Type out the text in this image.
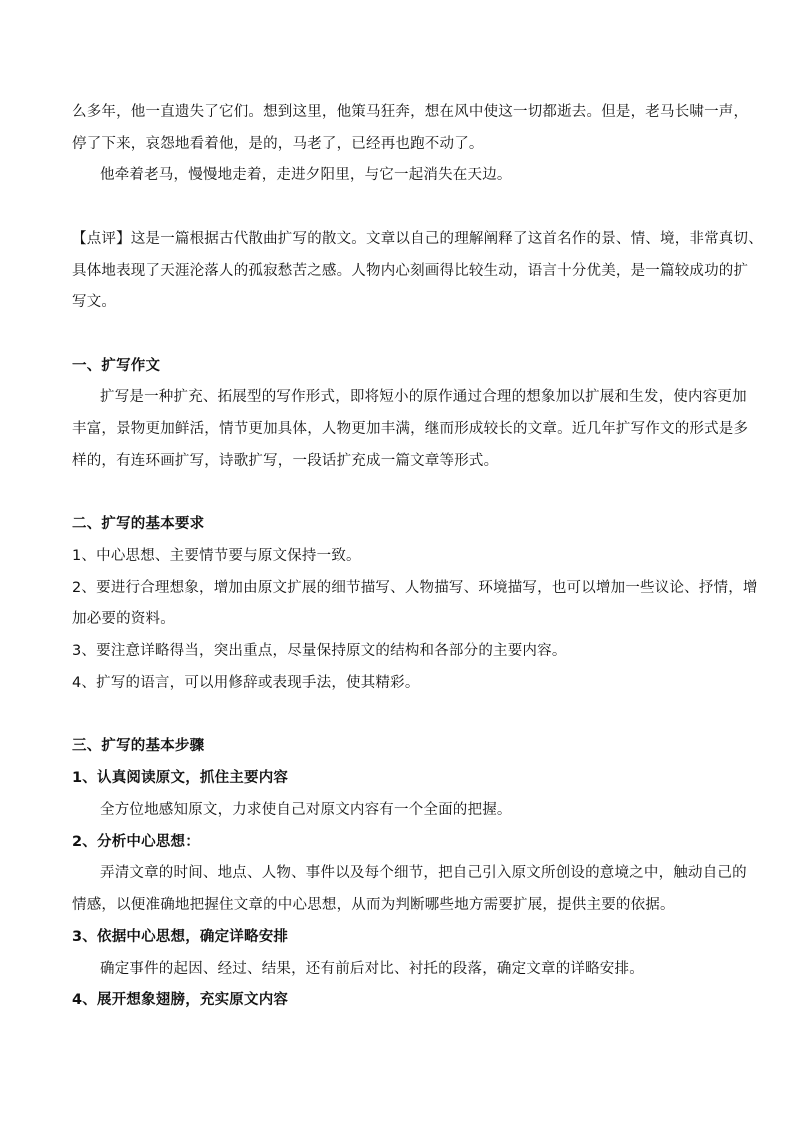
么多年，他一直遗失了它们。想到这里，他策马狂奔，想在风中使这一切都逝去。但是，老马长啸一声，
停了下来，哀怨地看着他，是的，马老了，已经再也跑不动了。
他牵着老马，慢慢地走着，走进夕阳里，与它一起消失在天边。
【点评】这是一篇根据古代散曲扩写的散文。文章以自己的理解阐释了这首名作的景、情、境，非常真切、
具体地表现了天涯沦落人的孤寂愁苦之感。人物内心刻画得比较生动，语言十分优美，是一篇较成功的扩
写文。
一、扩写作文
扩写是一种扩充、拓展型的写作形式，即将短小的原作通过合理的想象加以扩展和生发，使内容更加
丰富，景物更加鲜活，情节更加具体，人物更加丰满，继而形成较长的文章。近几年扩写作文的形式是多
样的，有连环画扩写，诗歌扩写，一段话扩充成一篇文章等形式。
二、扩写的基本要求
1、中心思想、主要情节要与原文保持一致。
2、要进行合理想象，增加由原文扩展的细节描写、人物描写、环境描写，也可以增加一些议论、抒情，增
加必要的资料。
3、要注意详略得当，突出重点，尽量保持原文的结构和各部分的主要内容。
4、扩写的语言，可以用修辞或表现手法，使其精彩。
三、扩写的基本步骤
1、认真阅读原文，抓住主要内容
全方位地感知原文，力求使自己对原文内容有一个全面的把握。
2、分析中心思想：
弄清文章的时间、地点、人物、事件以及每个细节，把自己引入原文所创设的意境之中，触动自己的
情感，以便准确地把握住文章的中心思想，从而为判断哪些地方需要扩展，提供主要的依据。
3、依据中心思想，确定详略安排
确定事件的起因、经过、结果，还有前后对比、衬托的段落，确定文章的详略安排。
4、展开想象翅膀，充实原文内容
